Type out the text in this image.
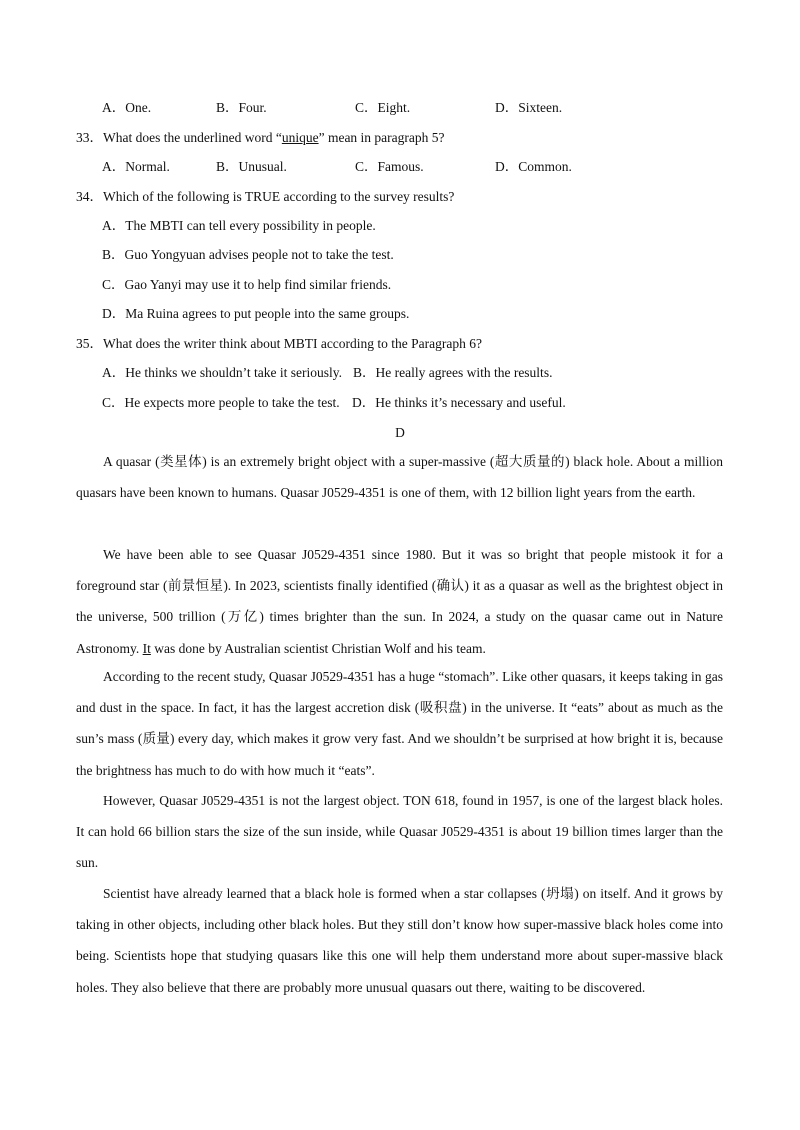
A．One.	B．Four.	C．Eight.	D．Sixteen.
33．What does the underlined word “unique” mean in paragraph 5?
A．Normal.	B．Unusual.	C．Famous.	D．Common.
34．Which of the following is TRUE according to the survey results?
A．The MBTI can tell every possibility in people.
B．Guo Yongyuan advises people not to take the test.
C．Gao Yanyi may use it to help find similar friends.
D．Ma Ruina agrees to put people into the same groups.
35．What does the writer think about MBTI according to the Paragraph 6?
A．He thinks we shouldn’t take it seriously. B．He really agrees with the results.
C．He expects more people to take the test. D．He thinks it’s necessary and useful.
D
A quasar (类星体) is an extremely bright object with a super-massive (超大质量的) black hole. About a million quasars have been known to humans. Quasar J0529-4351 is one of them, with 12 billion light years from the earth.
We have been able to see Quasar J0529-4351 since 1980. But it was so bright that people mistook it for a foreground star (前景恒星). In 2023, scientists finally identified (确认) it as a quasar as well as the brightest object in the universe, 500 trillion (万亿) times brighter than the sun. In 2024, a study on the quasar came out in Nature Astronomy. It was done by Australian scientist Christian Wolf and his team.
According to the recent study, Quasar J0529-4351 has a huge “stomach”. Like other quasars, it keeps taking in gas and dust in the space. In fact, it has the largest accretion disk (吸积盘) in the universe. It “eats” about as much as the sun’s mass (质量) every day, which makes it grow very fast. And we shouldn’t be surprised at how bright it is, because the brightness has much to do with how much it “eats”.
However, Quasar J0529-4351 is not the largest object. TON 618, found in 1957, is one of the largest black holes. It can hold 66 billion stars the size of the sun inside, while Quasar J0529-4351 is about 19 billion times larger than the sun.
Scientist have already learned that a black hole is formed when a star collapses (坍塌) on itself. And it grows by taking in other objects, including other black holes. But they still don’t know how super-massive black holes come into being. Scientists hope that studying quasars like this one will help them understand more about super-massive black holes. They also believe that there are probably more unusual quasars out there, waiting to be discovered.
